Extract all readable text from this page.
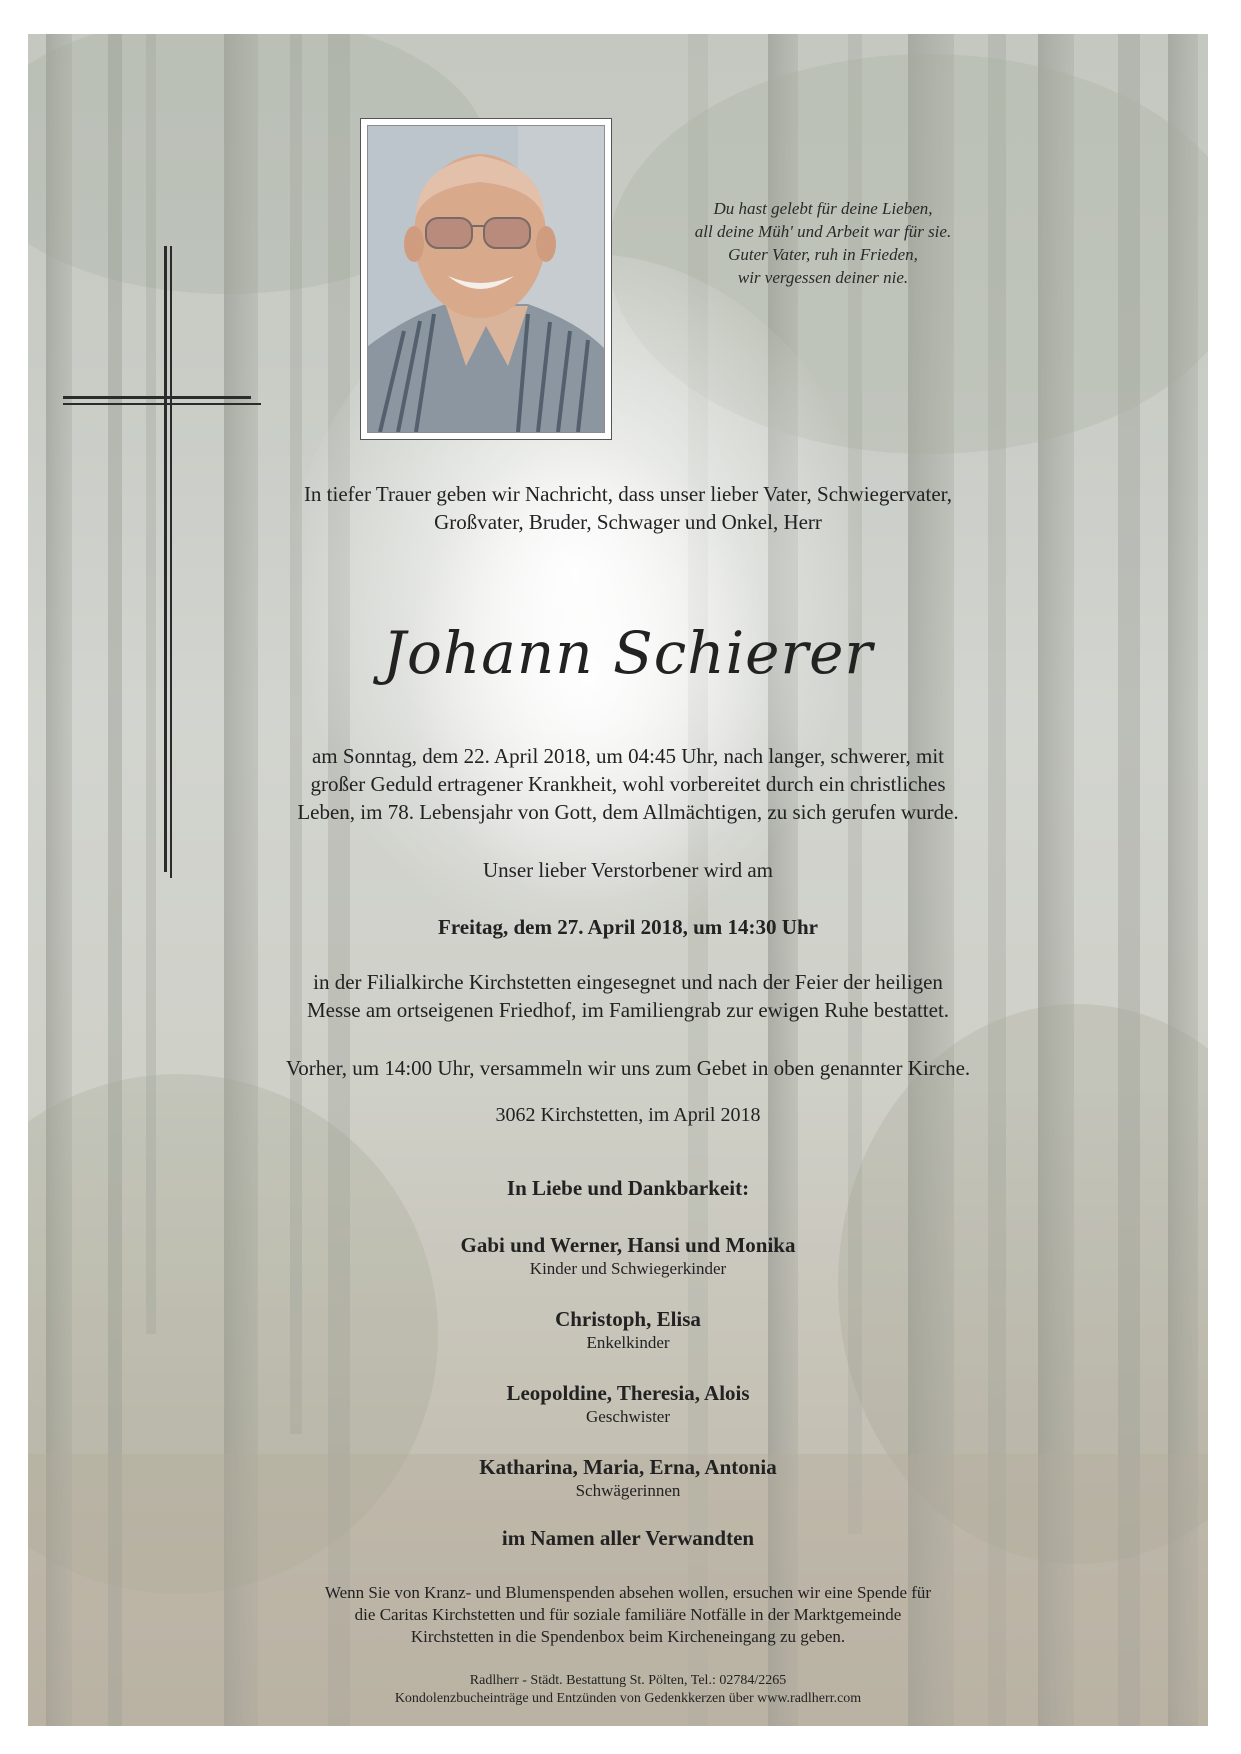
Du hast gelebt für deine Lieben,
all deine Müh' und Arbeit war für sie.
Guter Vater, ruh in Frieden,
wir vergessen deiner nie.
In tiefer Trauer geben wir Nachricht, dass unser lieber Vater, Schwiegervater,
Großvater, Bruder, Schwager und Onkel, Herr
Johann Schierer
am Sonntag, dem 22. April 2018, um 04:45 Uhr, nach langer, schwerer, mit
großer Geduld ertragener Krankheit, wohl vorbereitet durch ein christliches
Leben, im 78. Lebensjahr von Gott, dem Allmächtigen, zu sich gerufen wurde.
Unser lieber Verstorbener wird am
Freitag, dem 27. April 2018, um 14:30 Uhr
in der Filialkirche Kirchstetten eingesegnet und nach der Feier der heiligen
Messe am ortseigenen Friedhof, im Familiengrab zur ewigen Ruhe bestattet.
Vorher, um 14:00 Uhr, versammeln wir uns zum Gebet in oben genannter Kirche.
3062 Kirchstetten, im April 2018
In Liebe und Dankbarkeit:
Gabi und Werner, Hansi und Monika
Kinder und Schwiegerkinder
Christoph, Elisa
Enkelkinder
Leopoldine, Theresia, Alois
Geschwister
Katharina, Maria, Erna, Antonia
Schwägerinnen
im Namen aller Verwandten
Wenn Sie von Kranz- und Blumenspenden absehen wollen, ersuchen wir eine Spende für
die Caritas Kirchstetten und für soziale familiäre Notfälle in der Marktgemeinde
Kirchstetten in die Spendenbox beim Kircheneingang zu geben.
Radlherr - Städt. Bestattung St. Pölten, Tel.: 02784/2265
Kondolenzbucheinträge und Entzünden von Gedenkkerzen über www.radlherr.com
